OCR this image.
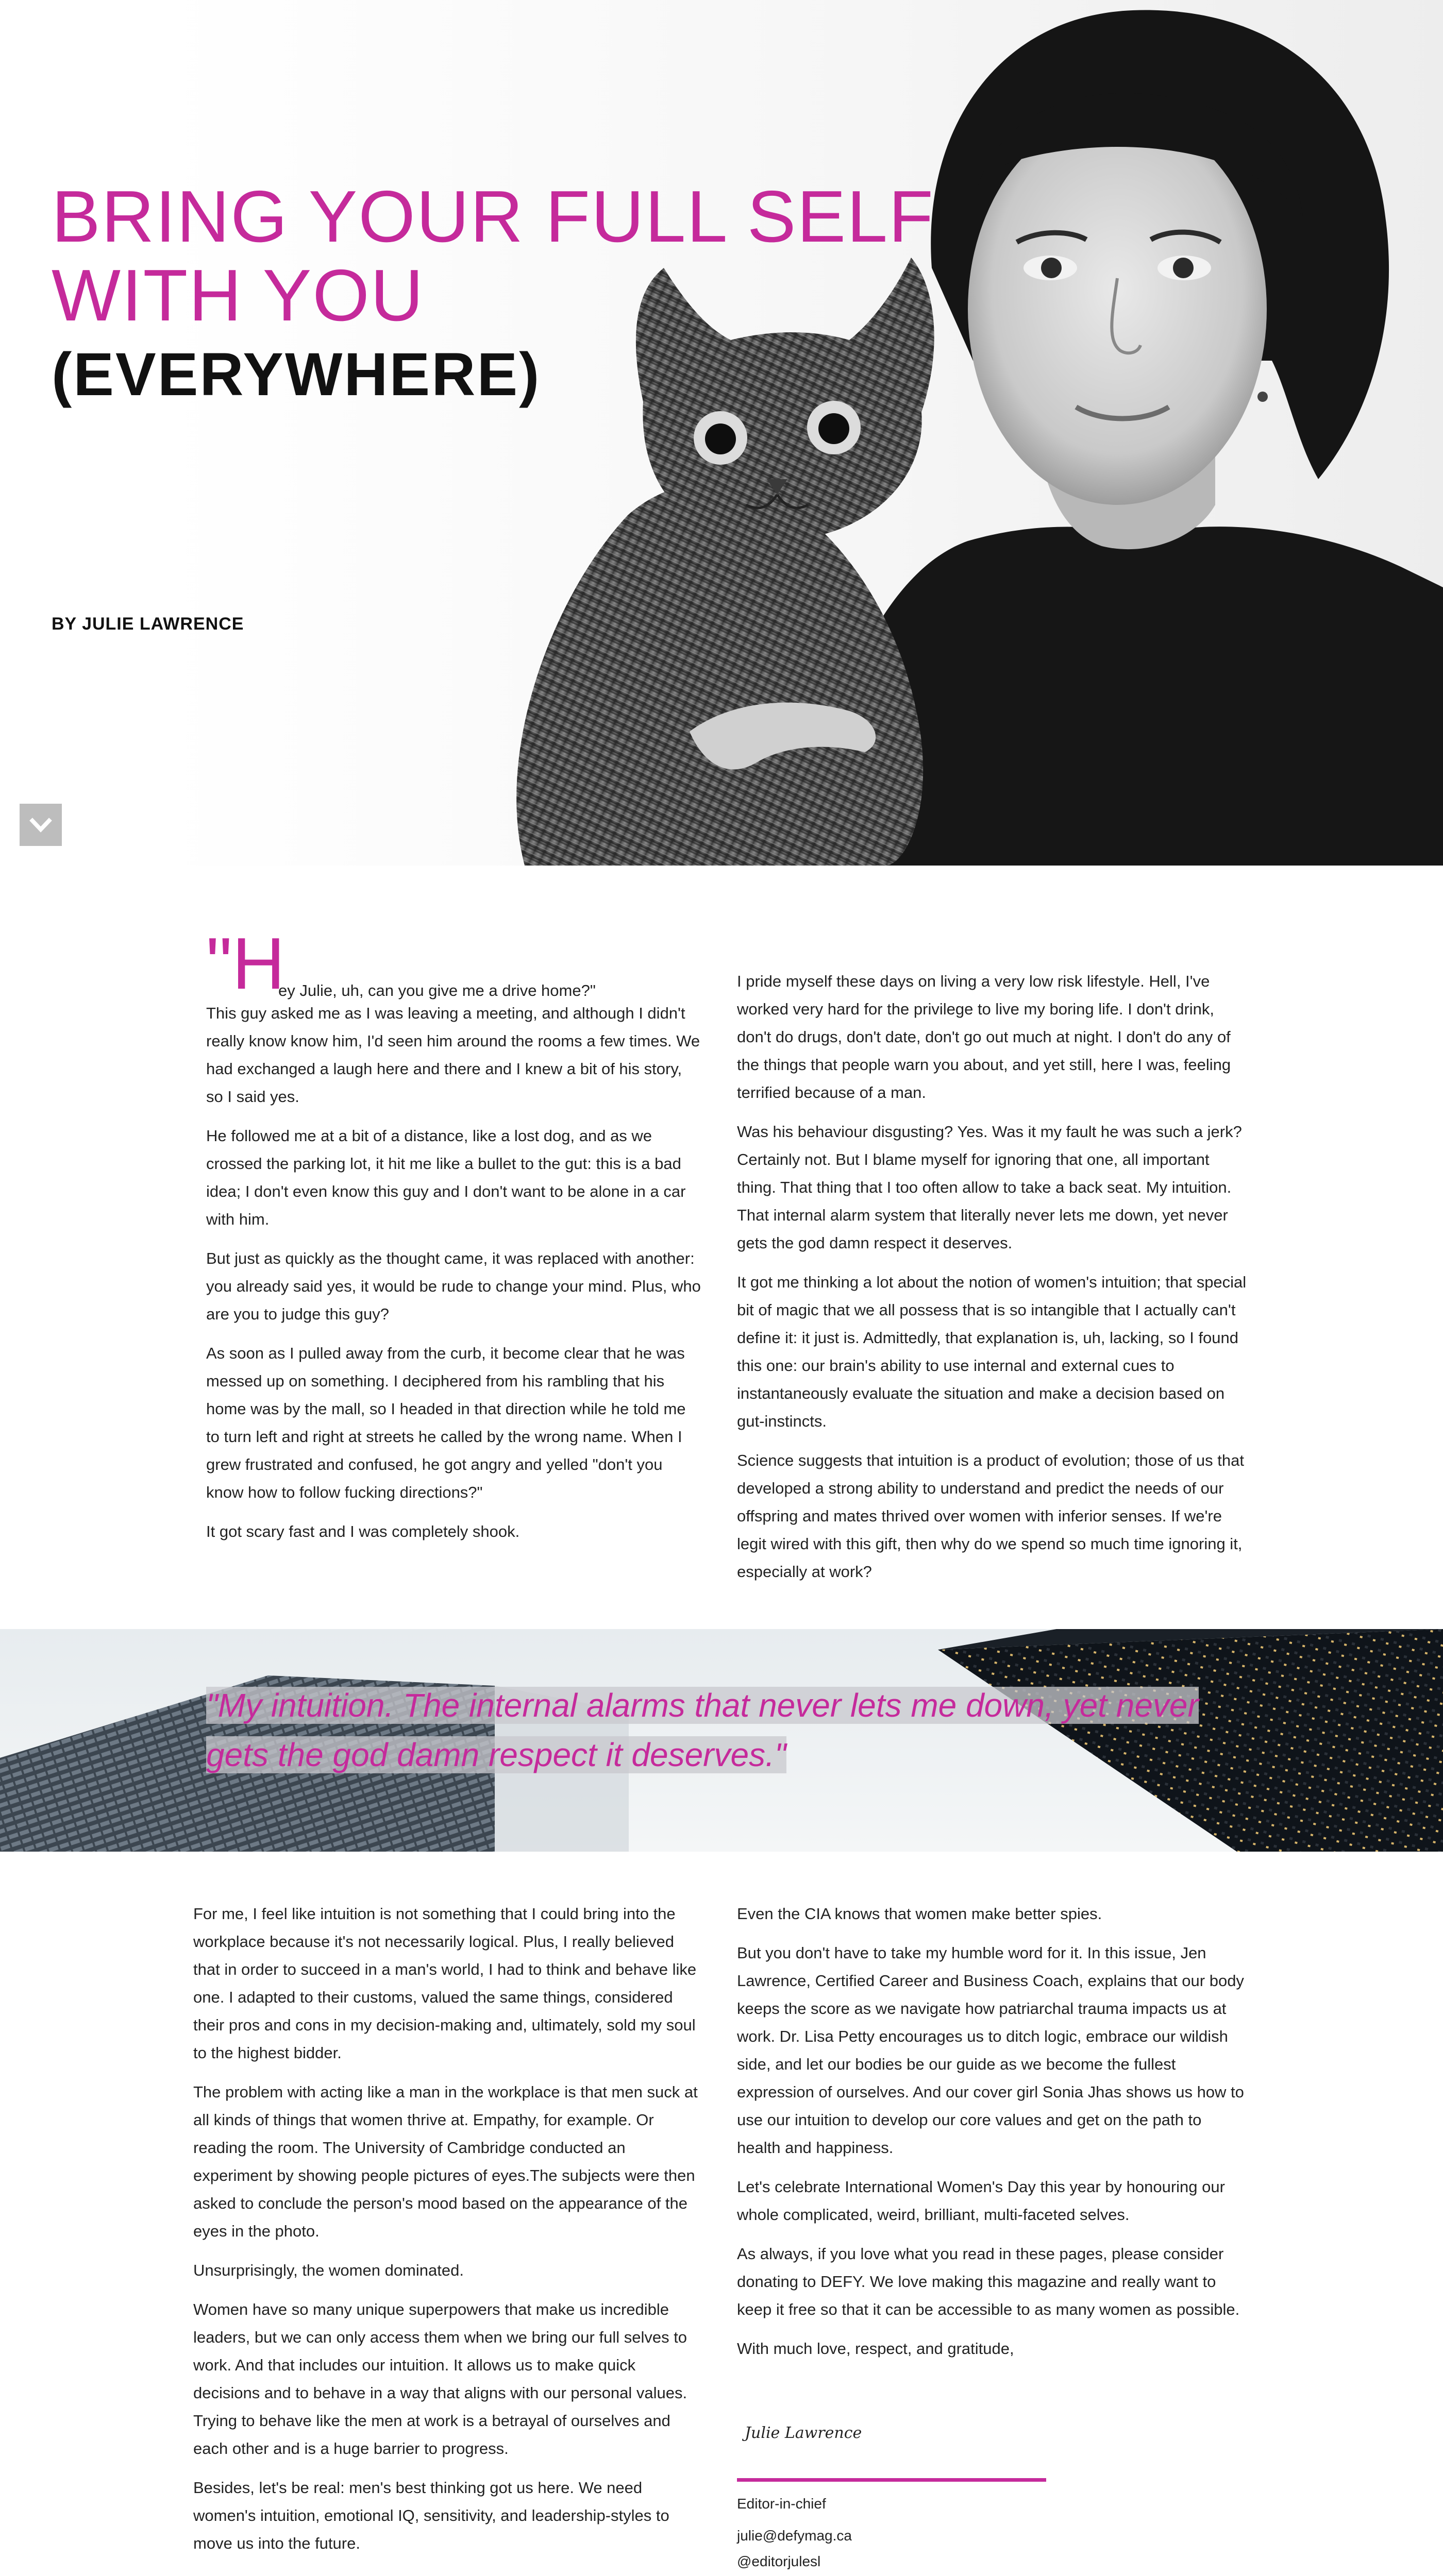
BRING YOUR FULL SELF
WITH YOU
(EVERYWHERE)
BY JULIE LAWRENCE
"H
ey Julie, uh, can you give me a drive home?"

This guy asked me as I was leaving a meeting, and although I didn't really know know him, I'd seen him around the rooms a few times. We had exchanged a laugh here and there and I knew a bit of his story, so I said yes.

He followed me at a bit of a distance, like a lost dog, and as we crossed the parking lot, it hit me like a bullet to the gut: this is a bad idea; I don't even know this guy and I don't want to be alone in a car with him.

But just as quickly as the thought came, it was replaced with another: you already said yes, it would be rude to change your mind. Plus, who are you to judge this guy?

As soon as I pulled away from the curb, it become clear that he was messed up on something. I deciphered from his rambling that his home was by the mall, so I headed in that direction while he told me to turn left and right at streets he called by the wrong name. When I grew frustrated and confused, he got angry and yelled "don't you know how to follow fucking directions?"

It got scary fast and I was completely shook.

I pride myself these days on living a very low risk lifestyle. Hell, I've worked very hard for the privilege to live my boring life. I don't drink, don't do drugs, don't date, don't go out much at night. I don't do any of the things that people warn you about, and yet still, here I was, feeling terrified because of a man.

Was his behaviour disgusting? Yes. Was it my fault he was such a jerk? Certainly not. But I blame myself for ignoring that one, all important thing. That thing that I too often allow to take a back seat. My intuition. That internal alarm system that literally never lets me down, yet never gets the god damn respect it deserves.

It got me thinking a lot about the notion of women's intuition; that special bit of magic that we all possess that is so intangible that I actually can't define it: it just is. Admittedly, that explanation is, uh, lacking, so I found this one: our brain's ability to use internal and external cues to instantaneously evaluate the situation and make a decision based on gut-instincts.

Science suggests that intuition is a product of evolution; those of us that developed a strong ability to understand and predict the needs of our offspring and mates thrived over women with inferior senses. If we're legit wired with this gift, then why do we spend so much time ignoring it, especially at work?

"My intuition. The internal alarms that never lets me down, yet never gets the god damn respect it deserves."

For me, I feel like intuition is not something that I could bring into the workplace because it's not necessarily logical. Plus, I really believed that in order to succeed in a man's world, I had to think and behave like one. I adapted to their customs, valued the same things, considered their pros and cons in my decision-making and, ultimately, sold my soul to the highest bidder.

The problem with acting like a man in the workplace is that men suck at all kinds of things that women thrive at. Empathy, for example. Or reading the room. The University of Cambridge conducted an experiment by showing people pictures of eyes.The subjects were then asked to conclude the person's mood based on the appearance of the eyes in the photo.

Unsurprisingly, the women dominated.

Women have so many unique superpowers that make us incredible leaders, but we can only access them when we bring our full selves to work. And that includes our intuition. It allows us to make quick decisions and to behave in a way that aligns with our personal values. Trying to behave like the men at work is a betrayal of ourselves and each other and is a huge barrier to progress.

Besides, let's be real: men's best thinking got us here. We need women's intuition, emotional IQ, sensitivity, and leadership-styles to move us into the future.

Even the CIA knows that women make better spies.

But you don't have to take my humble word for it. In this issue, Jen Lawrence, Certified Career and Business Coach, explains that our body keeps the score as we navigate how patriarchal trauma impacts us at work. Dr. Lisa Petty encourages us to ditch logic, embrace our wildish side, and let our bodies be our guide as we become the fullest expression of ourselves. And our cover girl Sonia Jhas shows us how to use our intuition to develop our core values and get on the path to health and happiness.

Let's celebrate International Women's Day this year by honouring our whole complicated, weird, brilliant, multi-faceted selves.

As always, if you love what you read in these pages, please consider donating to DEFY. We love making this magazine and really want to keep it free so that it can be accessible to as many women as possible.

With much love, respect, and gratitude,

Julie Lawrence
Editor-in-chief
julie@defymag.ca
@editorjulesl
